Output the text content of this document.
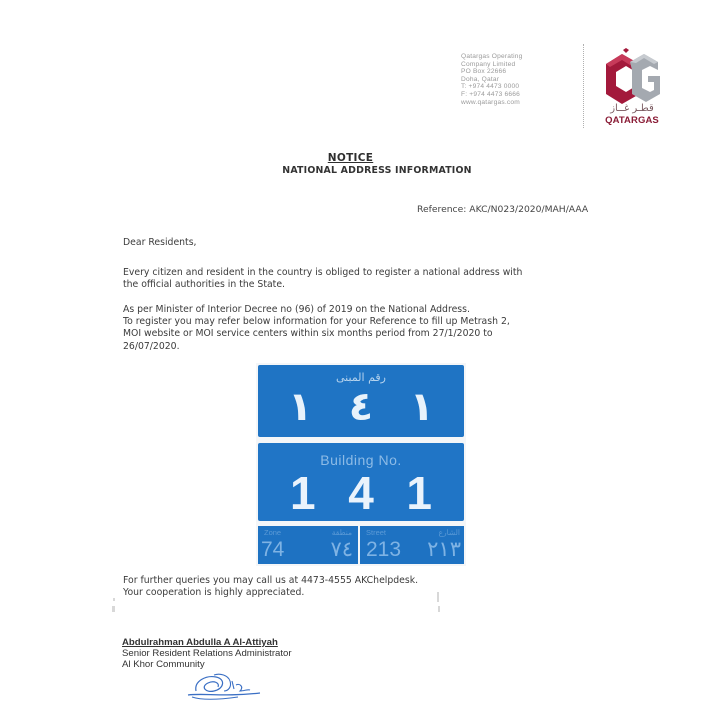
Qatargas Operating
Company Limited
PO Box 22666
Doha, Qatar
T: +974 4473 0000
F: +974 4473 6666
www.qatargas.com
قطـر غــاز
QATARGAS
NOTICE
NATIONAL ADDRESS INFORMATION
Reference: AKC/N023/2020/MAH/AAA
Dear Residents,
Every citizen and resident in the country is obliged to register a national address with
the official authorities in the State.
As per Minister of Interior Decree no (96) of 2019 on the National Address.
To register you may refer below information for your Reference to fill up Metrash 2,
MOI website or MOI service centers within six months period from 27/1/2020 to
26/07/2020.
رقم المبنى
١ ٤ ١
Building No.
1 4 1
Zone	منطقة
74 ٧٤
Street	الشارع
213 ٢١٣
For further queries you may call us at 4473-4555 AKChelpdesk.
Your cooperation is highly appreciated.
Abdulrahman Abdulla A Al-Attiyah
Senior Resident Relations Administrator
Al Khor Community
